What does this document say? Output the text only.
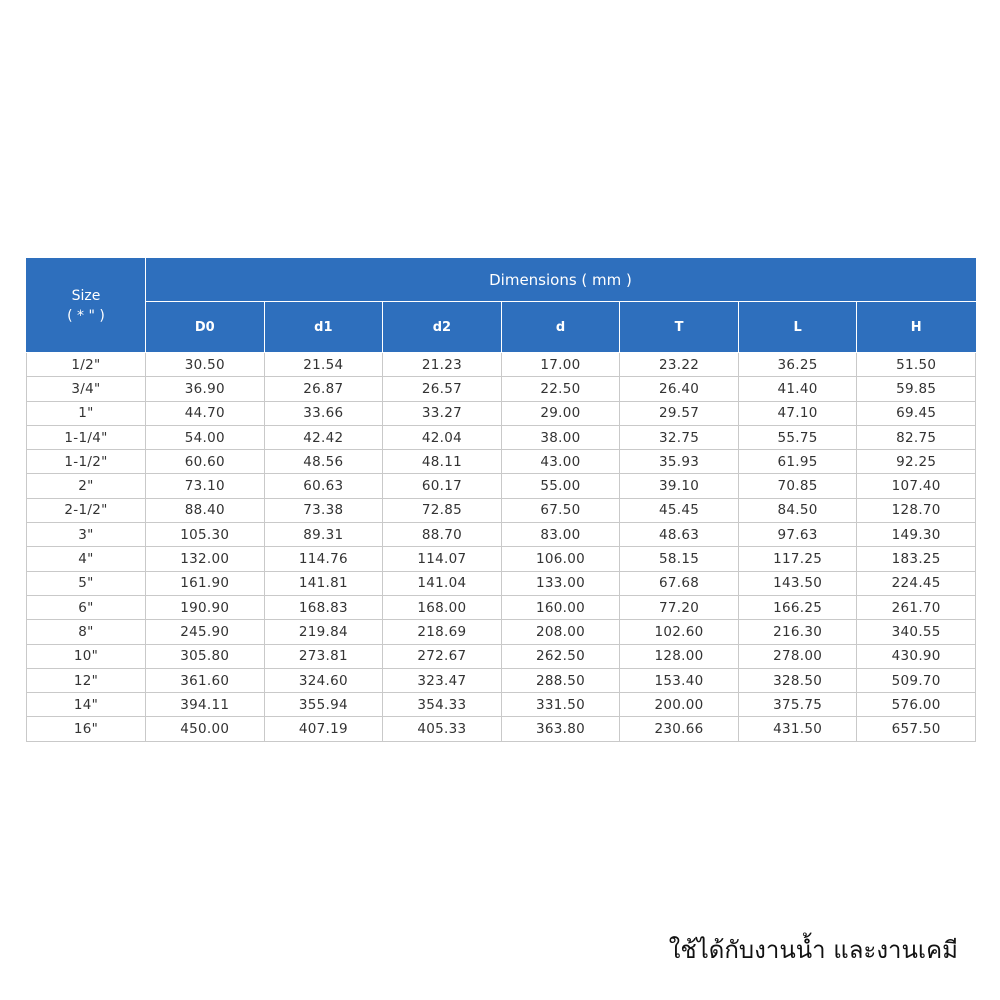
Size
( * " )	Dimensions ( mm )						
	D0	d1	d2	d	T	L	H
1/2"	30.50	21.54	21.23	17.00	23.22	36.25	51.50
3/4"	36.90	26.87	26.57	22.50	26.40	41.40	59.85
1"	44.70	33.66	33.27	29.00	29.57	47.10	69.45
1-1/4"	54.00	42.42	42.04	38.00	32.75	55.75	82.75
1-1/2"	60.60	48.56	48.11	43.00	35.93	61.95	92.25
2"	73.10	60.63	60.17	55.00	39.10	70.85	107.40
2-1/2"	88.40	73.38	72.85	67.50	45.45	84.50	128.70
3"	105.30	89.31	88.70	83.00	48.63	97.63	149.30
4"	132.00	114.76	114.07	106.00	58.15	117.25	183.25
5"	161.90	141.81	141.04	133.00	67.68	143.50	224.45
6"	190.90	168.83	168.00	160.00	77.20	166.25	261.70
8"	245.90	219.84	218.69	208.00	102.60	216.30	340.55
10"	305.80	273.81	272.67	262.50	128.00	278.00	430.90
12"	361.60	324.60	323.47	288.50	153.40	328.50	509.70
14"	394.11	355.94	354.33	331.50	200.00	375.75	576.00
16"	450.00	407.19	405.33	363.80	230.66	431.50	657.50
ใช้ได้กับงานน้ำ และงานเคมี
